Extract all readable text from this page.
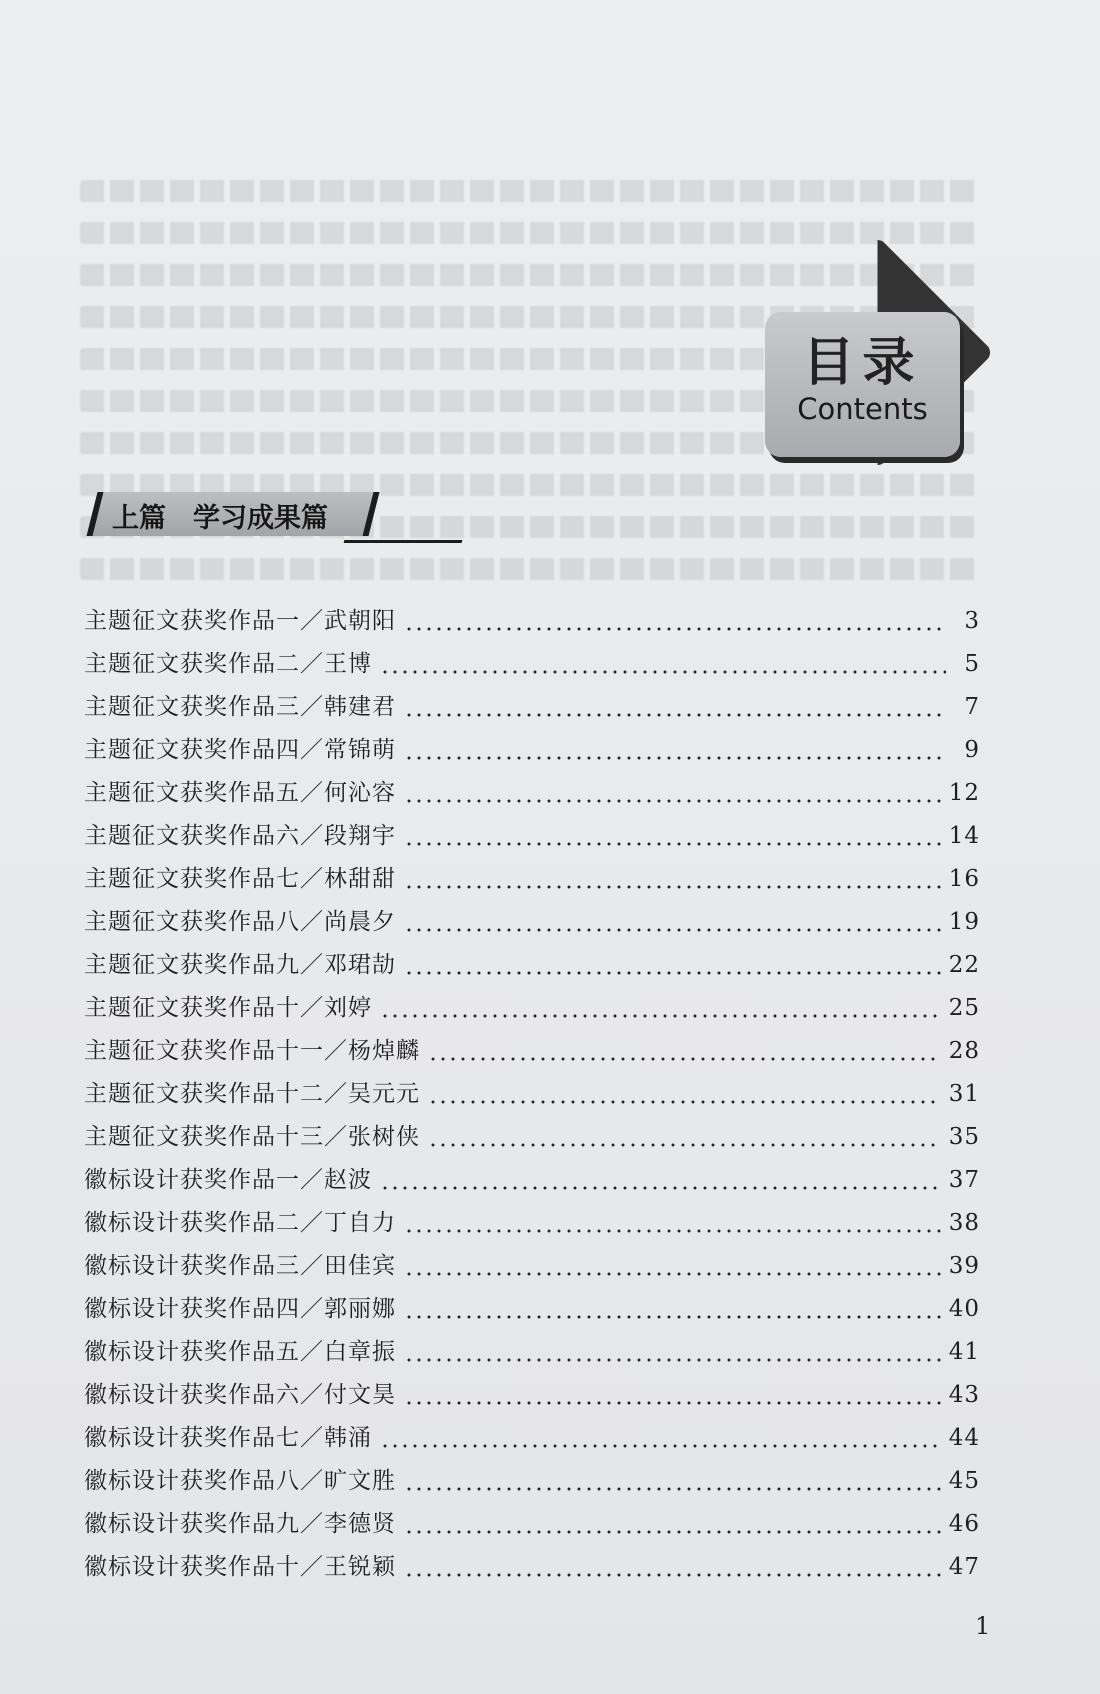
目录
Contents
上篇　学习成果篇
主题征文获奖作品一／武朝阳	3
主题征文获奖作品二／王博	5
主题征文获奖作品三／韩建君	7
主题征文获奖作品四／常锦萌	9
主题征文获奖作品五／何沁容	12
主题征文获奖作品六／段翔宇	14
主题征文获奖作品七／林甜甜	16
主题征文获奖作品八／尚晨夕	19
主题征文获奖作品九／邓珺劼	22
主题征文获奖作品十／刘婷	25
主题征文获奖作品十一／杨焯麟	28
主题征文获奖作品十二／吴元元	31
主题征文获奖作品十三／张树侠	35
徽标设计获奖作品一／赵波	37
徽标设计获奖作品二／丁自力	38
徽标设计获奖作品三／田佳宾	39
徽标设计获奖作品四／郭丽娜	40
徽标设计获奖作品五／白章振	41
徽标设计获奖作品六／付文昊	43
徽标设计获奖作品七／韩涌	44
徽标设计获奖作品八／旷文胜	45
徽标设计获奖作品九／李德贤	46
徽标设计获奖作品十／王锐颖	47
1
